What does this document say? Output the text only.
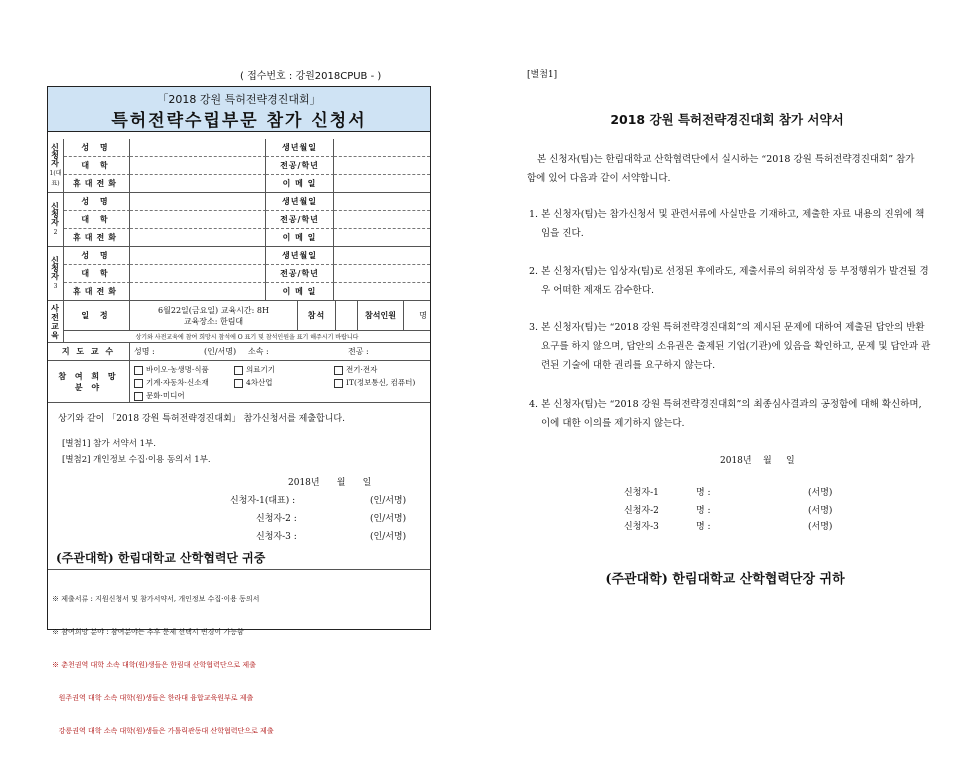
( 접수번호 : 강원2018CPUB - )
「2018 강원 특허전략경진대회」
특허전략수립부문 참가 신청서
신청자
1(대표)
성 명	생년월일
대 학	전공/학년
휴대전화	이 메 일
신청자
2
성 명	생년월일
대 학	전공/학년
휴대전화	이 메 일
신청자
3
성 명	생년월일
대 학	전공/학년
휴대전화	이 메 일
사전교육	일 정	6월22일(금요일) 교육시간: 8H
교육장소: 한림대
참석	참석인원	명
상기와 사전교육에 참여 희망시 참석에 O 표기 및 참석인원을 표기 해주시기 바랍니다
지 도 교 수	성명 :	(인/서명)	소속 :	전공 :
참 여 희 망
분 야
바이오·농생명·식품	의료기기	전기·전자
기계·자동차·신소재	4차산업	IT(정보통신, 컴퓨터)
문화·미디어
상기와 같이 「2018 강원 특허전략경진대회」 참가신청서를 제출합니다.
[별첨1] 참가 서약서 1부.
[별첨2] 개인정보 수집·이용 동의서 1부.
2018년      월      일
신청자-1(대표) :	(인/서명)
신청자-2 :	(인/서명)
신청자-3 :	(인/서명)
(주관대학) 한림대학교 산학협력단 귀중

※ 제출서류 : 지원신청서 및 참가서약서, 개인정보 수집·이용 동의서

※ 참여희망 분야 : 참여분야는 추후 문제 선택시 변경이 가능함

※ 춘천권역 대학 소속 대학(원)생들은 한림대 산학협력단으로 제출

원주권역 대학 소속 대학(원)생들은 한라대 융합교육원부로 제출

강릉권역 대학 소속 대학(원)생들은 가톨릭관동대 산학협력단으로 제출

[별첨1]
2018 강원 특허전략경진대회 참가 서약서
본 신청자(팀)는 한림대학교 산학협력단에서 실시하는 “2018 강원 특허전략경진대회” 참가함에 있어 다음과 같이 서약합니다.
1. 본 신청자(팀)는 참가신청서 및 관련서류에 사실만을 기재하고, 제출한 자료 내용의 진위에 책임을 진다.
2. 본 신청자(팀)는 입상자(팀)로 선정된 후에라도, 제출서류의 허위작성 등 부정행위가 발견될 경우 어떠한 제재도 감수한다.
3. 본 신청자(팀)는 “2018 강원 특허전략경진대회”의 제시된 문제에 대하여 제출된 답안의 반환요구를 하지 않으며, 답안의 소유권은 출제된 기업(기관)에 있음을 확인하고, 문제 및 답안과 관련된 기술에 대한 권리를 요구하지 않는다.
4. 본 신청자(팀)는 “2018 강원 특허전략경진대회”의 최종심사결과의 공정함에 대해 확신하며, 이에 대한 이의를 제기하지 않는다.
2018년    월     일
신청자-1	명 :	(서명)
신청자-2	명 :	(서명)
신청자-3	명 :	(서명)
(주관대학) 한림대학교 산학협력단장 귀하
